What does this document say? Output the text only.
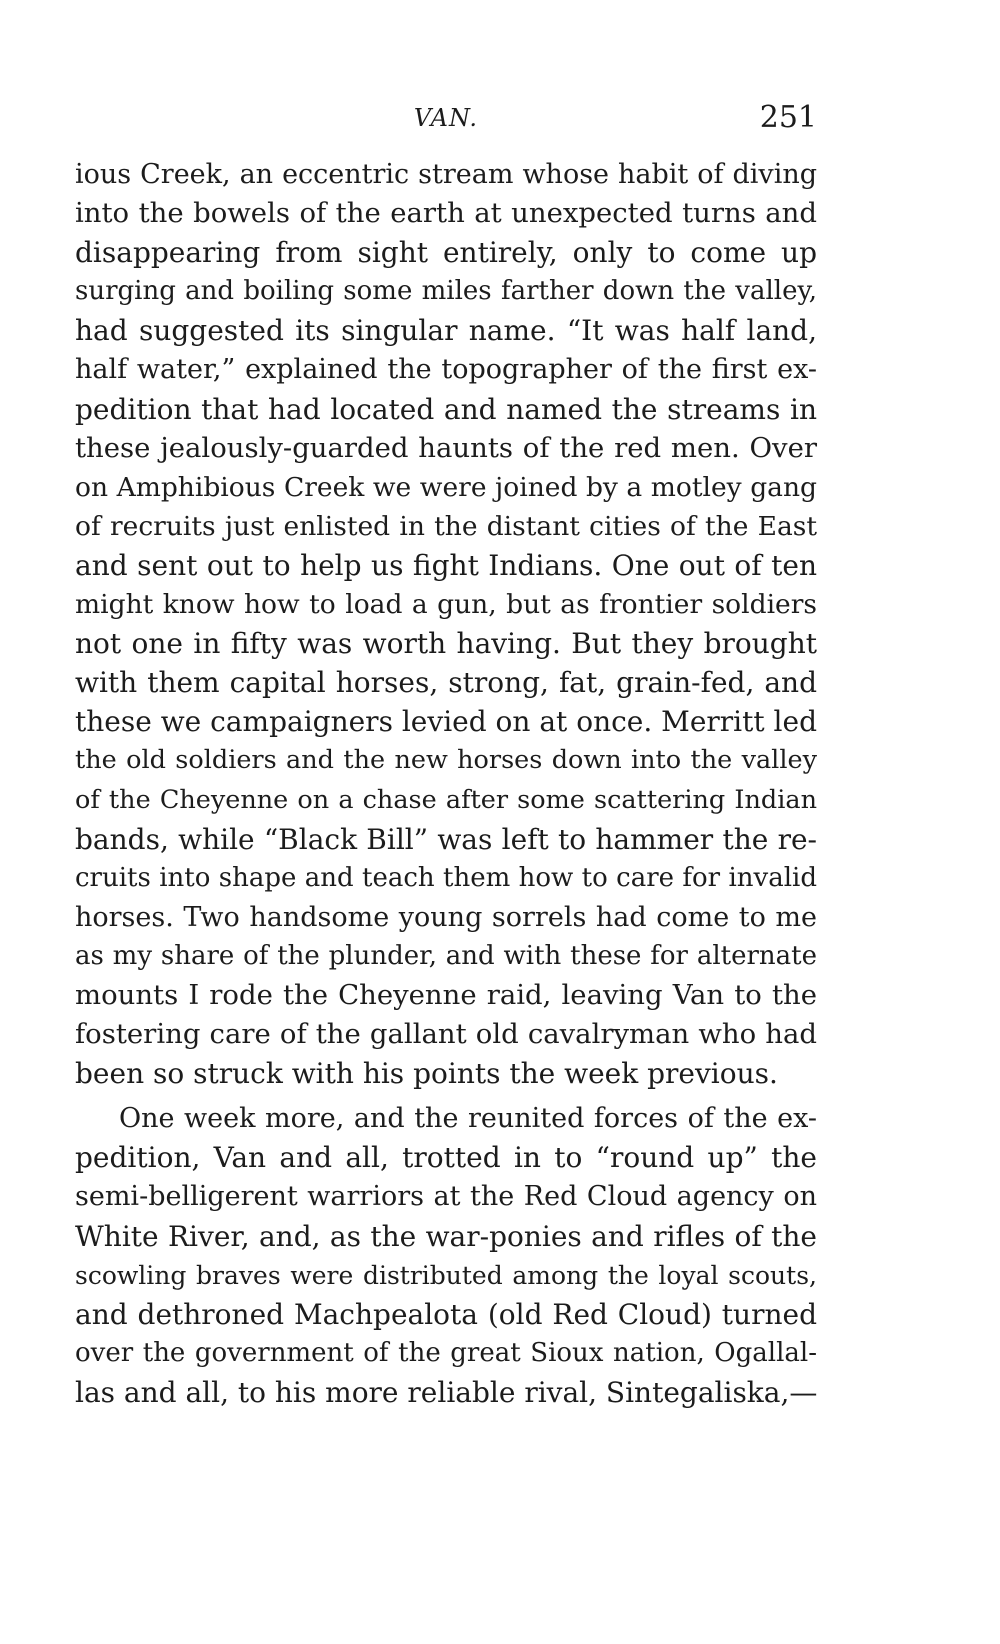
VAN.	251
ious Creek, an eccentric stream whose habit of diving
into the bowels of the earth at unexpected turns and
disappearing from sight entirely, only to come up
surging and boiling some miles farther down the valley,
had suggested its singular name. “It was half land,
half water,” explained the topographer of the first ex-
pedition that had located and named the streams in
these jealously-guarded haunts of the red men. Over
on Amphibious Creek we were joined by a motley gang
of recruits just enlisted in the distant cities of the East
and sent out to help us fight Indians. One out of ten
might know how to load a gun, but as frontier soldiers
not one in fifty was worth having. But they brought
with them capital horses, strong, fat, grain-fed, and
these we campaigners levied on at once. Merritt led
the old soldiers and the new horses down into the valley
of the Cheyenne on a chase after some scattering Indian
bands, while “Black Bill” was left to hammer the re-
cruits into shape and teach them how to care for invalid
horses. Two handsome young sorrels had come to me
as my share of the plunder, and with these for alternate
mounts I rode the Cheyenne raid, leaving Van to the
fostering care of the gallant old cavalryman who had
been so struck with his points the week previous.
One week more, and the reunited forces of the ex-
pedition, Van and all, trotted in to “round up” the
semi-belligerent warriors at the Red Cloud agency on
White River, and, as the war-ponies and rifles of the
scowling braves were distributed among the loyal scouts,
and dethroned Machpealota (old Red Cloud) turned
over the government of the great Sioux nation, Ogallal-
las and all, to his more reliable rival, Sintegaliska,—
